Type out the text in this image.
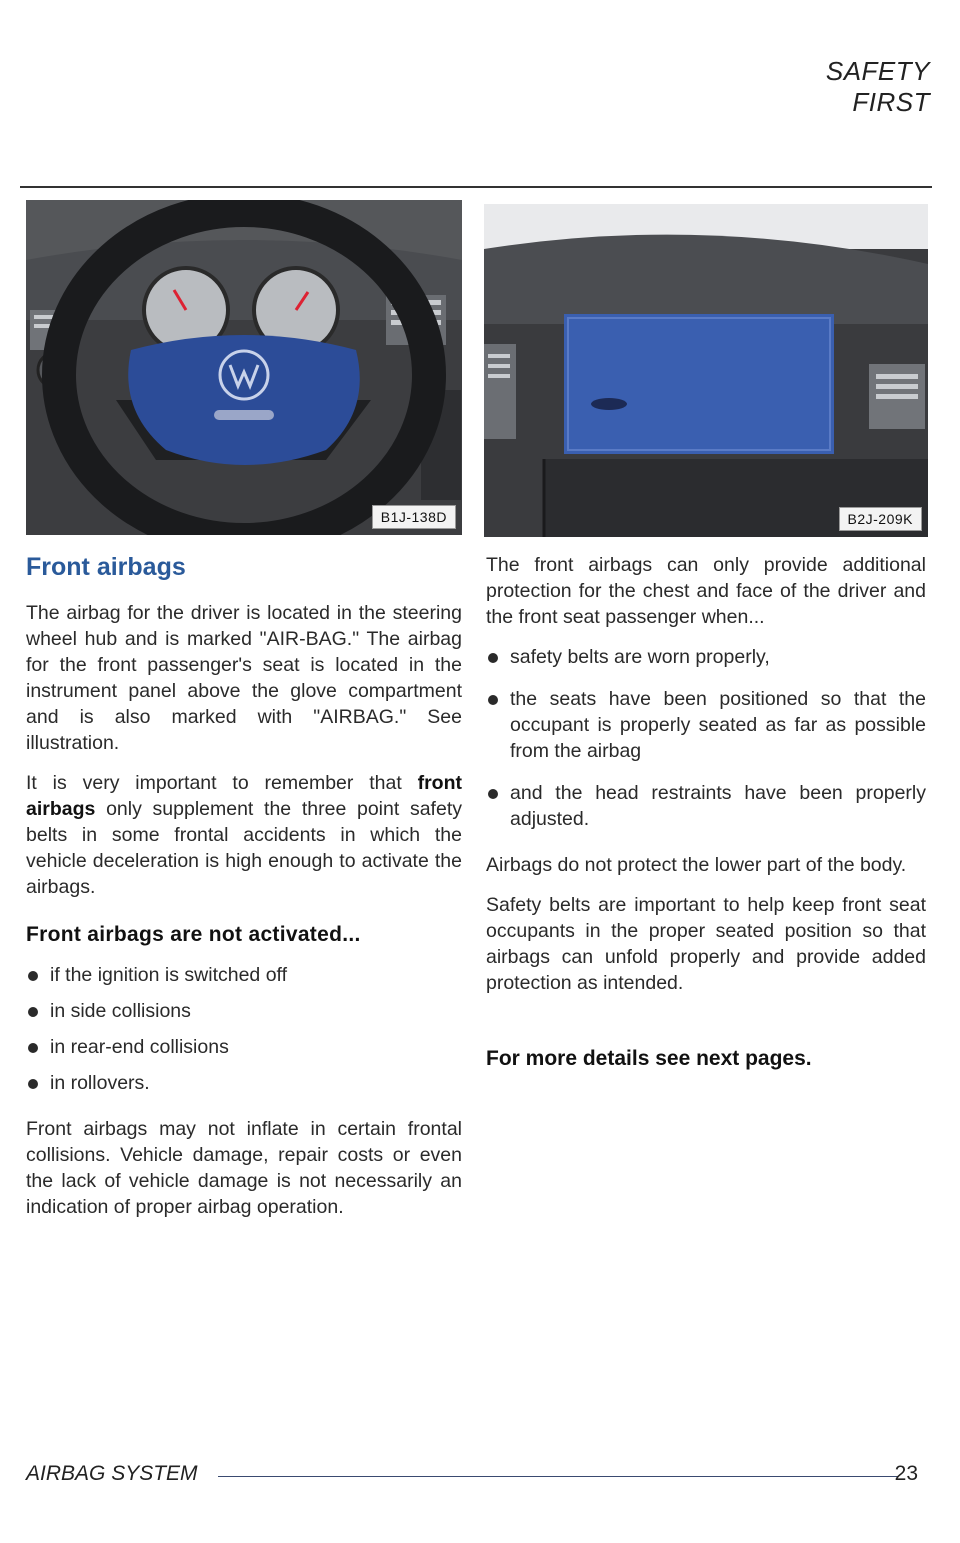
SAFETY FIRST
B1J-138D	B2J-209K
Front airbags

The airbag for the driver is located in the steering wheel hub and is marked "AIR-BAG." The airbag for the front passenger's seat is located in the instrument panel above the glove compartment and is also marked with "AIRBAG." See illustration.

It is very important to remember that front airbags only supplement the three point safety belts in some frontal accidents in which the vehicle deceleration is high enough to activate the airbags.

Front airbags are not activated...
if the ignition is switched off
in side collisions
in rear-end collisions
in rollovers.

Front airbags may not inflate in certain frontal collisions. Vehicle damage, repair costs or even the lack of vehicle damage is not necessarily an indication of proper airbag operation.

The front airbags can only provide additional protection for the chest and face of the driver and the front seat passenger when...

safety belts are worn properly,
the seats have been positioned so that the occupant is properly seated as far as possible from the airbag
and the head restraints have been properly adjusted.

Airbags do not protect the lower part of the body.

Safety belts are important to help keep front seat occupants in the proper seated position so that airbags can unfold properly and provide added protection as intended.

For more details see next pages.
AIRBAG SYSTEM	23
